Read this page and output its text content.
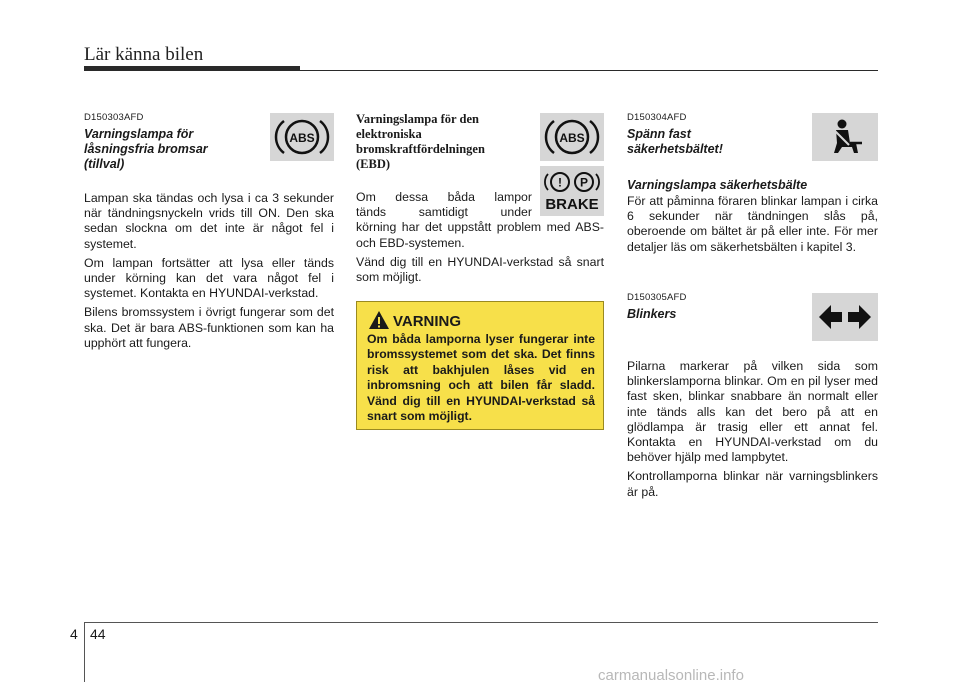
Lär känna bilen
D150303AFD
Varningslampa för
låsningsfria bromsar
(tillval)

Lampan ska tändas och lysa i ca 3 sekunder när tändningsnyckeln vrids till ON. Den ska sedan slockna om det inte är något fel i systemet.

Om lampan fortsätter att lysa eller tänds under körning kan det vara något fel i systemet. Kontakta en HYUNDAI-verkstad.

Bilens bromssystem i övrigt fungerar som det ska. Det är bara ABS-funktionen som kan ha upphört att fungera.

ABS
Varningslampa för den
elektroniska
bromskraftfördelningen
(EBD)
Om dessa båda lampor
tänds samtidigt under

körning har det uppstått problem med ABS- och EBD-systemen.

Vänd dig till en HYUNDAI-verkstad så snart som möjligt.

ABS
! P
BRAKE
VARNING
Om båda lamporna lyser fungerar inte bromssystemet som det ska. Det finns risk att bakhjulen låses vid en inbromsning och att bilen får sladd. Vänd dig till en HYUNDAI-verkstad så snart som möjligt.
D150304AFD
Spänn fast
säkerhetsbältet!
Varningslampa säkerhetsbälte

För att påminna föraren blinkar lampan i cirka 6 sekunder när tändningen slås på, oberoende om bältet är på eller inte. För mer detaljer läs om säkerhetsbälten i kapitel 3.

D150305AFD
Blinkers

Pilarna markerar på vilken sida som blinkerslamporna blinkar. Om en pil lyser med fast sken, blinkar snabbare än normalt eller inte tänds alls kan det bero på att en glödlampa är trasig eller ett annat fel. Kontakta en HYUNDAI-verkstad om du behöver hjälp med lampbytet.

Kontrollamporna blinkar när varningsblinkers är på.

4 44
carmanualsonline.info
